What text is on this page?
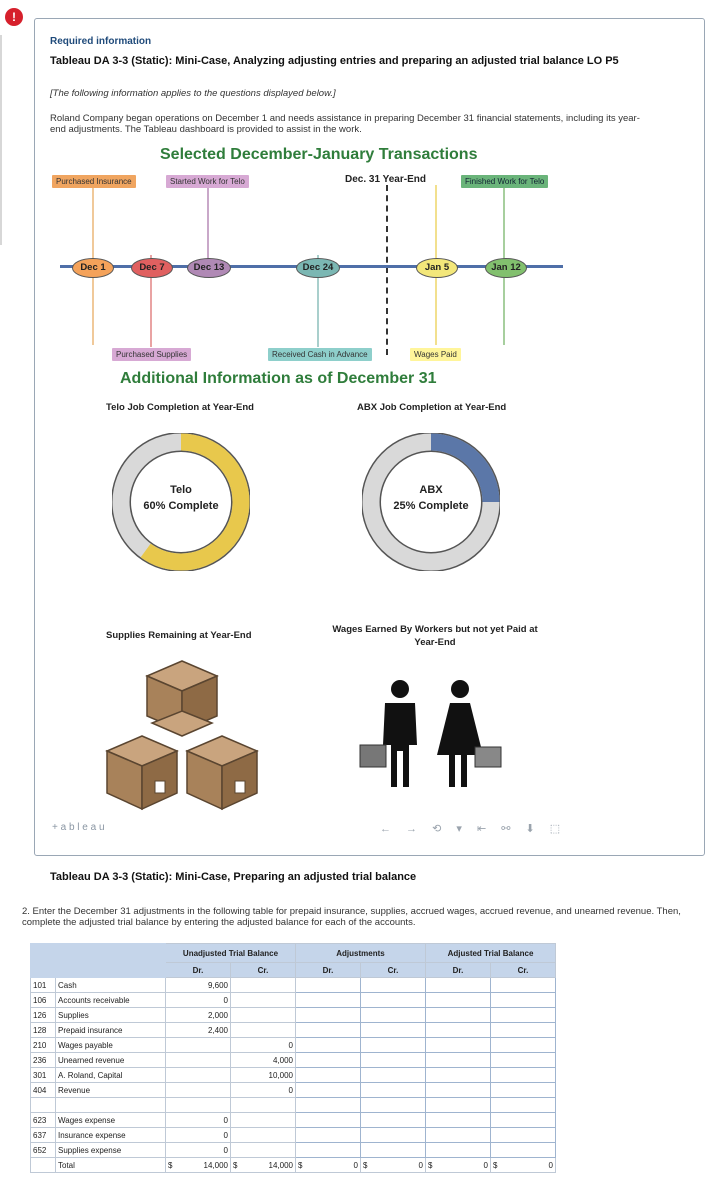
!
Required information
Tableau DA 3-3 (Static): Mini-Case, Analyzing adjusting entries and preparing an adjusted trial balance LO P5
[The following information applies to the questions displayed below.]
Roland Company began operations on December 1 and needs assistance in preparing December 31 financial statements, including its year-end adjustments. The Tableau dashboard is provided to assist in the work.
Selected December-January Transactions
Purchased Insurance	Started Work for Telo	Dec. 31 Year-End	Finished Work for Telo
Dec 1	Dec 7	Dec 13	Dec 24	Jan 5	Jan 12
Purchased Supplies	Received Cash in Advance	Wages Paid
Additional Information as of December 31
Telo Job Completion at Year-End	ABX Job Completion at Year-End
Telo
60% Complete
ABX
25% Complete
Supplies Remaining at Year-End
Wages Earned By Workers but not yet Paid at Year-End
+ a b l e a u	← → ⟲ ▾ ⇤ ⚯ ⬇ ⬚
Tableau DA 3-3 (Static): Mini-Case, Preparing an adjusted trial balance
2. Enter the December 31 adjustments in the following table for prepaid insurance, supplies, accrued wages, accrued revenue, and unearned revenue. Then, complete the adjusted trial balance by entering the adjusted balance for each of the accounts.
		Unadjusted Trial Balance		Adjustments		Adjusted Trial Balance	
		Dr.	Cr.	Dr.	Cr.	Dr.	Cr.
101	Cash	9,600					
106	Accounts receivable	0					
126	Supplies	2,000					
128	Prepaid insurance	2,400					
210	Wages payable		0				
236	Unearned revenue		4,000				
301	A. Roland, Capital		10,000				
404	Revenue		0				

623	Wages expense	0					
637	Insurance expense	0					
652	Supplies expense	0					
	Total	$ 14,000	$ 14,000	$ 0	$ 0	$ 0	$ 0
